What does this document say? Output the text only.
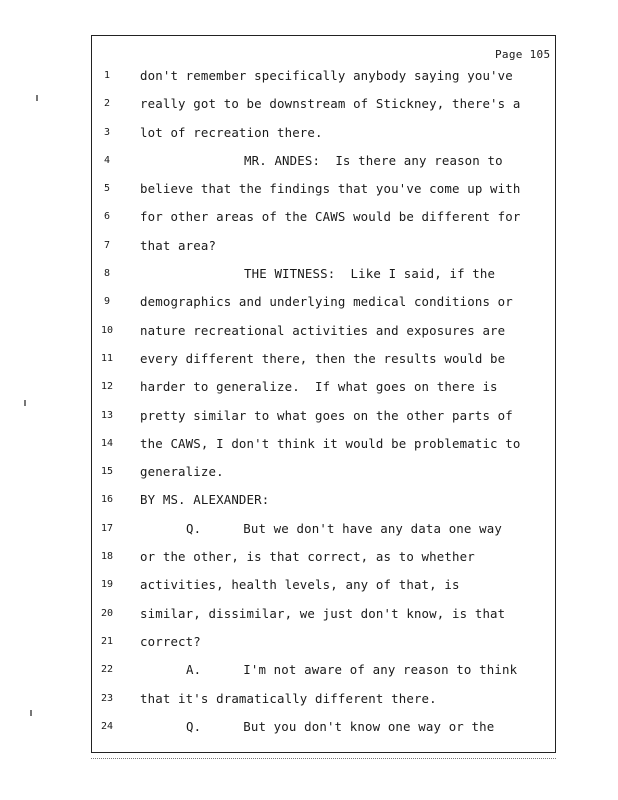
Page 105
1
2
3
4
5
6
7
8
9
10
11
12
13
14
15
16
17
18
19
20
21
22
23
24
don't remember specifically anybody saying you've
really got to be downstream of Stickney, there's a
lot of recreation there.
MR. ANDES:  Is there any reason to
believe that the findings that you've come up with
for other areas of the CAWS would be different for
that area?
THE WITNESS:  Like I said, if the
demographics and underlying medical conditions or
nature recreational activities and exposures are
every different there, then the results would be
harder to generalize.  If what goes on there is
pretty similar to what goes on the other parts of
the CAWS, I don't think it would be problematic to
generalize.
BY MS. ALEXANDER:
Q.	But we don't have any data one way
or the other, is that correct, as to whether
activities, health levels, any of that, is
similar, dissimilar, we just don't know, is that
correct?
A.	I'm not aware of any reason to think
that it's dramatically different there.
Q.	But you don't know one way or the
